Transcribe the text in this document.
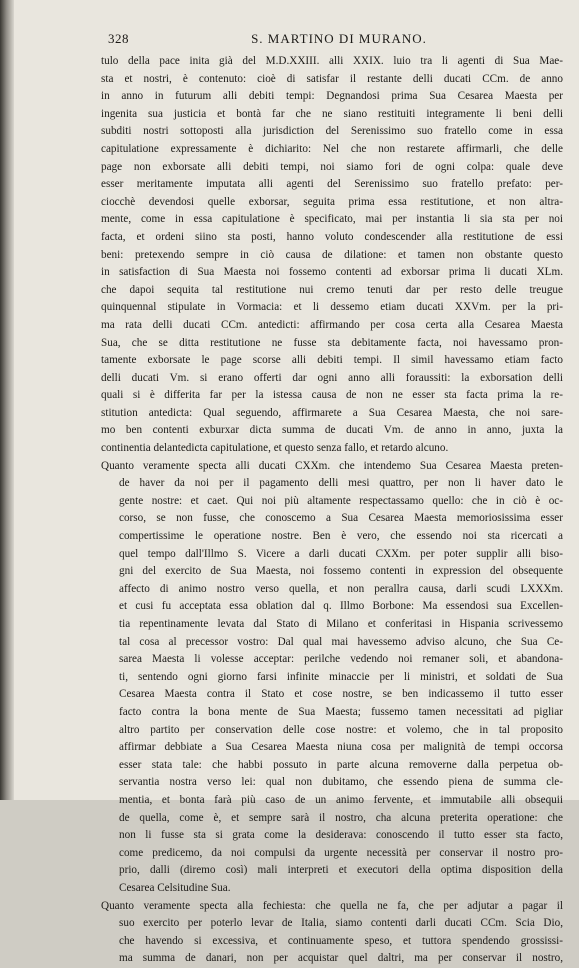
328	S. MARTINO DI MURANO.
tulo della pace inita già del M.D.XXIII. alli XXIX. luio tra li agenti di Sua Mae-
sta et nostri, è contenuto: cioè di satisfar il restante delli ducati CCm. de anno
in anno in futurum alli debiti tempi: Degnandosi prima Sua Cesarea Maesta per
ingenita sua justicia et bontà far che ne siano restituiti integramente li beni delli
subditi nostri sottoposti alla jurisdiction del Serenissimo suo fratello come in essa
capitulatione expressamente è dichiarito: Nel che non restarete affirmarli, che delle
page non exborsate alli debiti tempi, noi siamo fori de ogni colpa: quale deve
esser meritamente imputata alli agenti del Serenissimo suo fratello prefato: per-
ciocchè devendosi quelle exborsar, seguita prima essa restitutione, et non altra-
mente, come in essa capitulatione è specificato, mai per instantia li sia sta per noi
facta, et ordeni siino sta posti, hanno voluto condescender alla restitutione de essi
beni: pretexendo sempre in ciò causa de dilatione: et tamen non obstante questo
in satisfaction di Sua Maesta noi fossemo contenti ad exborsar prima li ducati XLm.
che dapoi sequita tal restitutione nui cremo tenuti dar per resto delle treugue
quinquennal stipulate in Vormacia: et li dessemo etiam ducati XXVm. per la pri-
ma rata delli ducati CCm. antedicti: affirmando per cosa certa alla Cesarea Maesta
Sua, che se ditta restitutione ne fusse sta debitamente facta, noi havessamo pron-
tamente exborsate le page scorse alli debiti tempi. Il simil havessamo etiam facto
delli ducati Vm. si erano offerti dar ogni anno alli foraussiti: la exborsation delli
quali si è differita far per la istessa causa de non ne esser sta facta prima la re-
stitution antedicta: Qual seguendo, affirmarete a Sua Cesarea Maesta, che noi sare-
mo ben contenti exburxar dicta summa de ducati Vm. de anno in anno, juxta la
continentia delantedicta capitulatione, et questo senza fallo, et retardo alcuno.
Quanto veramente specta alli ducati CXXm. che intendemo Sua Cesarea Maesta preten-
de haver da noi per il pagamento delli mesi quattro, per non li haver dato le
gente nostre: et caet. Qui noi più altamente respectassamo quello: che in ciò è oc-
corso, se non fusse, che conoscemo a Sua Cesarea Maesta memoriosissima esser
compertissime le operatione nostre. Ben è vero, che essendo noi sta ricercati a
quel tempo dall'Illmo S. Vicere a darli ducati CXXm. per poter supplir alli biso-
gni del exercito de Sua Maesta, noi fossemo contenti in expression del obsequente
affecto di animo nostro verso quella, et non perallra causa, darli scudi LXXXm.
et cusi fu acceptata essa oblation dal q. Illmo Borbone: Ma essendosi sua Excellen-
tia repentinamente levata dal Stato di Milano et conferitasi in Hispania scrivessemo
tal cosa al precessor vostro: Dal qual mai havessemo adviso alcuno, che Sua Ce-
sarea Maesta li volesse acceptar: perilche vedendo noi remaner soli, et abandona-
ti, sentendo ogni giorno farsi infinite minaccie per li ministri, et soldati de Sua
Cesarea Maesta contra il Stato et cose nostre, se ben indicassemo il tutto esser
facto contra la bona mente de Sua Maesta; fussemo tamen necessitati ad pigliar
altro partito per conservation delle cose nostre: et volemo, che in tal proposito
affirmar debbiate a Sua Cesarea Maesta niuna cosa per malignità de tempi occorsa
esser stata tale: che habbi possuto in parte alcuna removerne dalla perpetua ob-
servantia nostra verso lei: qual non dubitamo, che essendo piena de summa cle-
mentia, et bonta farà più caso de un animo fervente, et immutabile alli obsequii
de quella, come è, et sempre sarà il nostro, cha alcuna preterita operatione: che
non li fusse sta si grata come la desiderava: conoscendo il tutto esser sta facto,
come predicemo, da noi compulsi da urgente necessità per conservar il nostro pro-
prio, dalli (diremo così) mali interpreti et executori della optima disposition della
Cesarea Celsitudine Sua.
Quanto veramente specta alla fechiesta: che quella ne fa, che per adjutar a pagar il
suo exercito per poterlo levar de Italia, siamo contenti darli ducati CCm. Scia Dio,
che havendo si excessiva, et continuamente speso, et tuttora spendendo grossissi-
ma summa de danari, non per acquistar quel daltri, ma per conservar il nostro,
